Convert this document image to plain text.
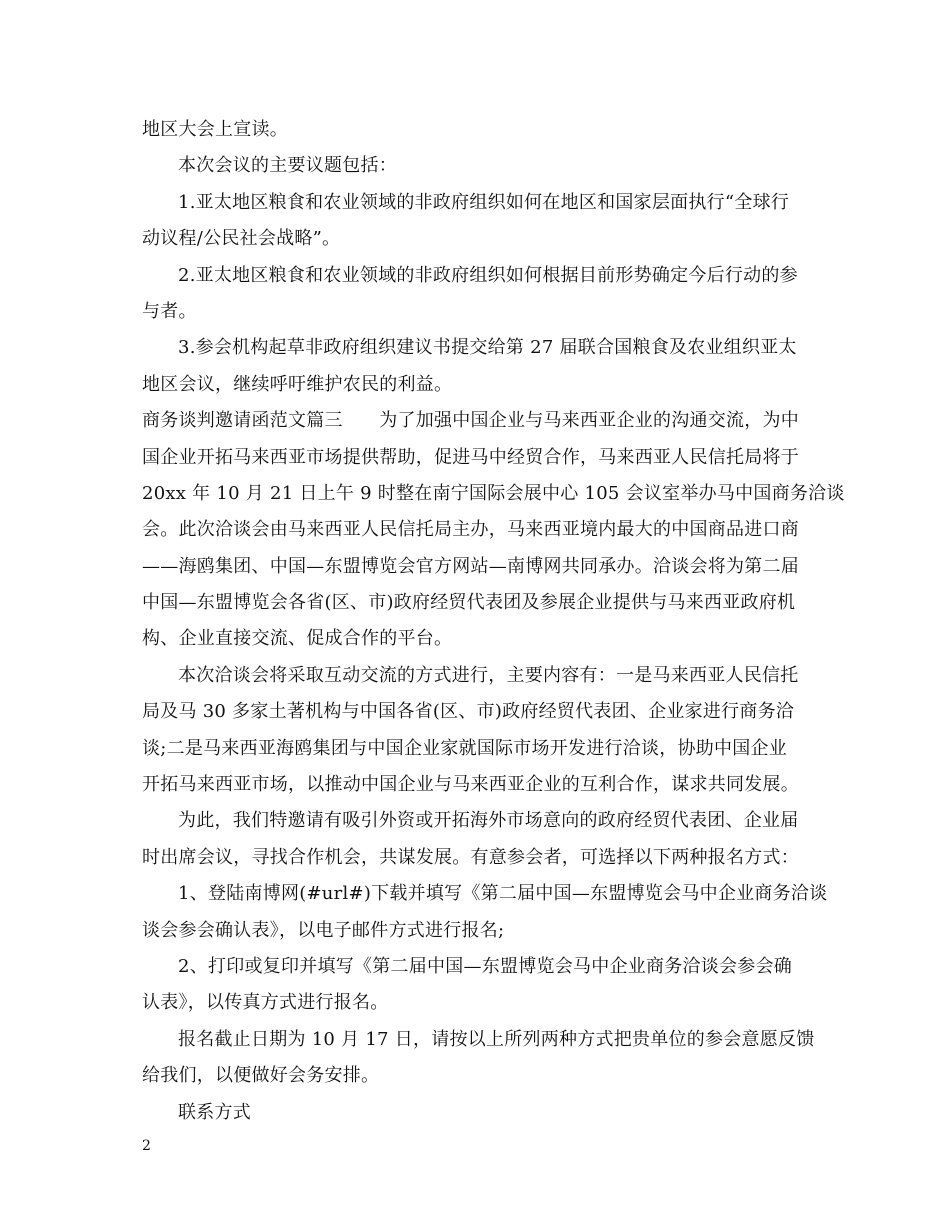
地区大会上宣读。
本次会议的主要议题包括：
1.亚太地区粮食和农业领域的非政府组织如何在地区和国家层面执行“全球行
动议程/公民社会战略”。
2.亚太地区粮食和农业领域的非政府组织如何根据目前形势确定今后行动的参
与者。
3.参会机构起草非政府组织建议书提交给第 27 届联合国粮食及农业组织亚太
地区会议，继续呼吁维护农民的利益。
商务谈判邀请函范文篇三　　为了加强中国企业与马来西亚企业的沟通交流，为中
国企业开拓马来西亚市场提供帮助，促进马中经贸合作，马来西亚人民信托局将于
20xx 年 10 月 21 日上午 9 时整在南宁国际会展中心 105 会议室举办马中国商务洽谈
会。此次洽谈会由马来西亚人民信托局主办，马来西亚境内最大的中国商品进口商
——海鸥集团、中国—东盟博览会官方网站—南博网共同承办。洽谈会将为第二届
中国—东盟博览会各省(区、市)政府经贸代表团及参展企业提供与马来西亚政府机
构、企业直接交流、促成合作的平台。
本次洽谈会将采取互动交流的方式进行，主要内容有：一是马来西亚人民信托
局及马 30 多家土著机构与中国各省(区、市)政府经贸代表团、企业家进行商务洽
谈;二是马来西亚海鸥集团与中国企业家就国际市场开发进行洽谈，协助中国企业
开拓马来西亚市场，以推动中国企业与马来西亚企业的互利合作，谋求共同发展。
为此，我们特邀请有吸引外资或开拓海外市场意向的政府经贸代表团、企业届
时出席会议，寻找合作机会，共谋发展。有意参会者，可选择以下两种报名方式：
1、登陆南博网(#url#)下载并填写《第二届中国—东盟博览会马中企业商务洽谈
谈会参会确认表》，以电子邮件方式进行报名;
2、打印或复印并填写《第二届中国—东盟博览会马中企业商务洽谈会参会确
认表》，以传真方式进行报名。
报名截止日期为 10 月 17 日，请按以上所列两种方式把贵单位的参会意愿反馈
给我们，以便做好会务安排。
联系方式
2
